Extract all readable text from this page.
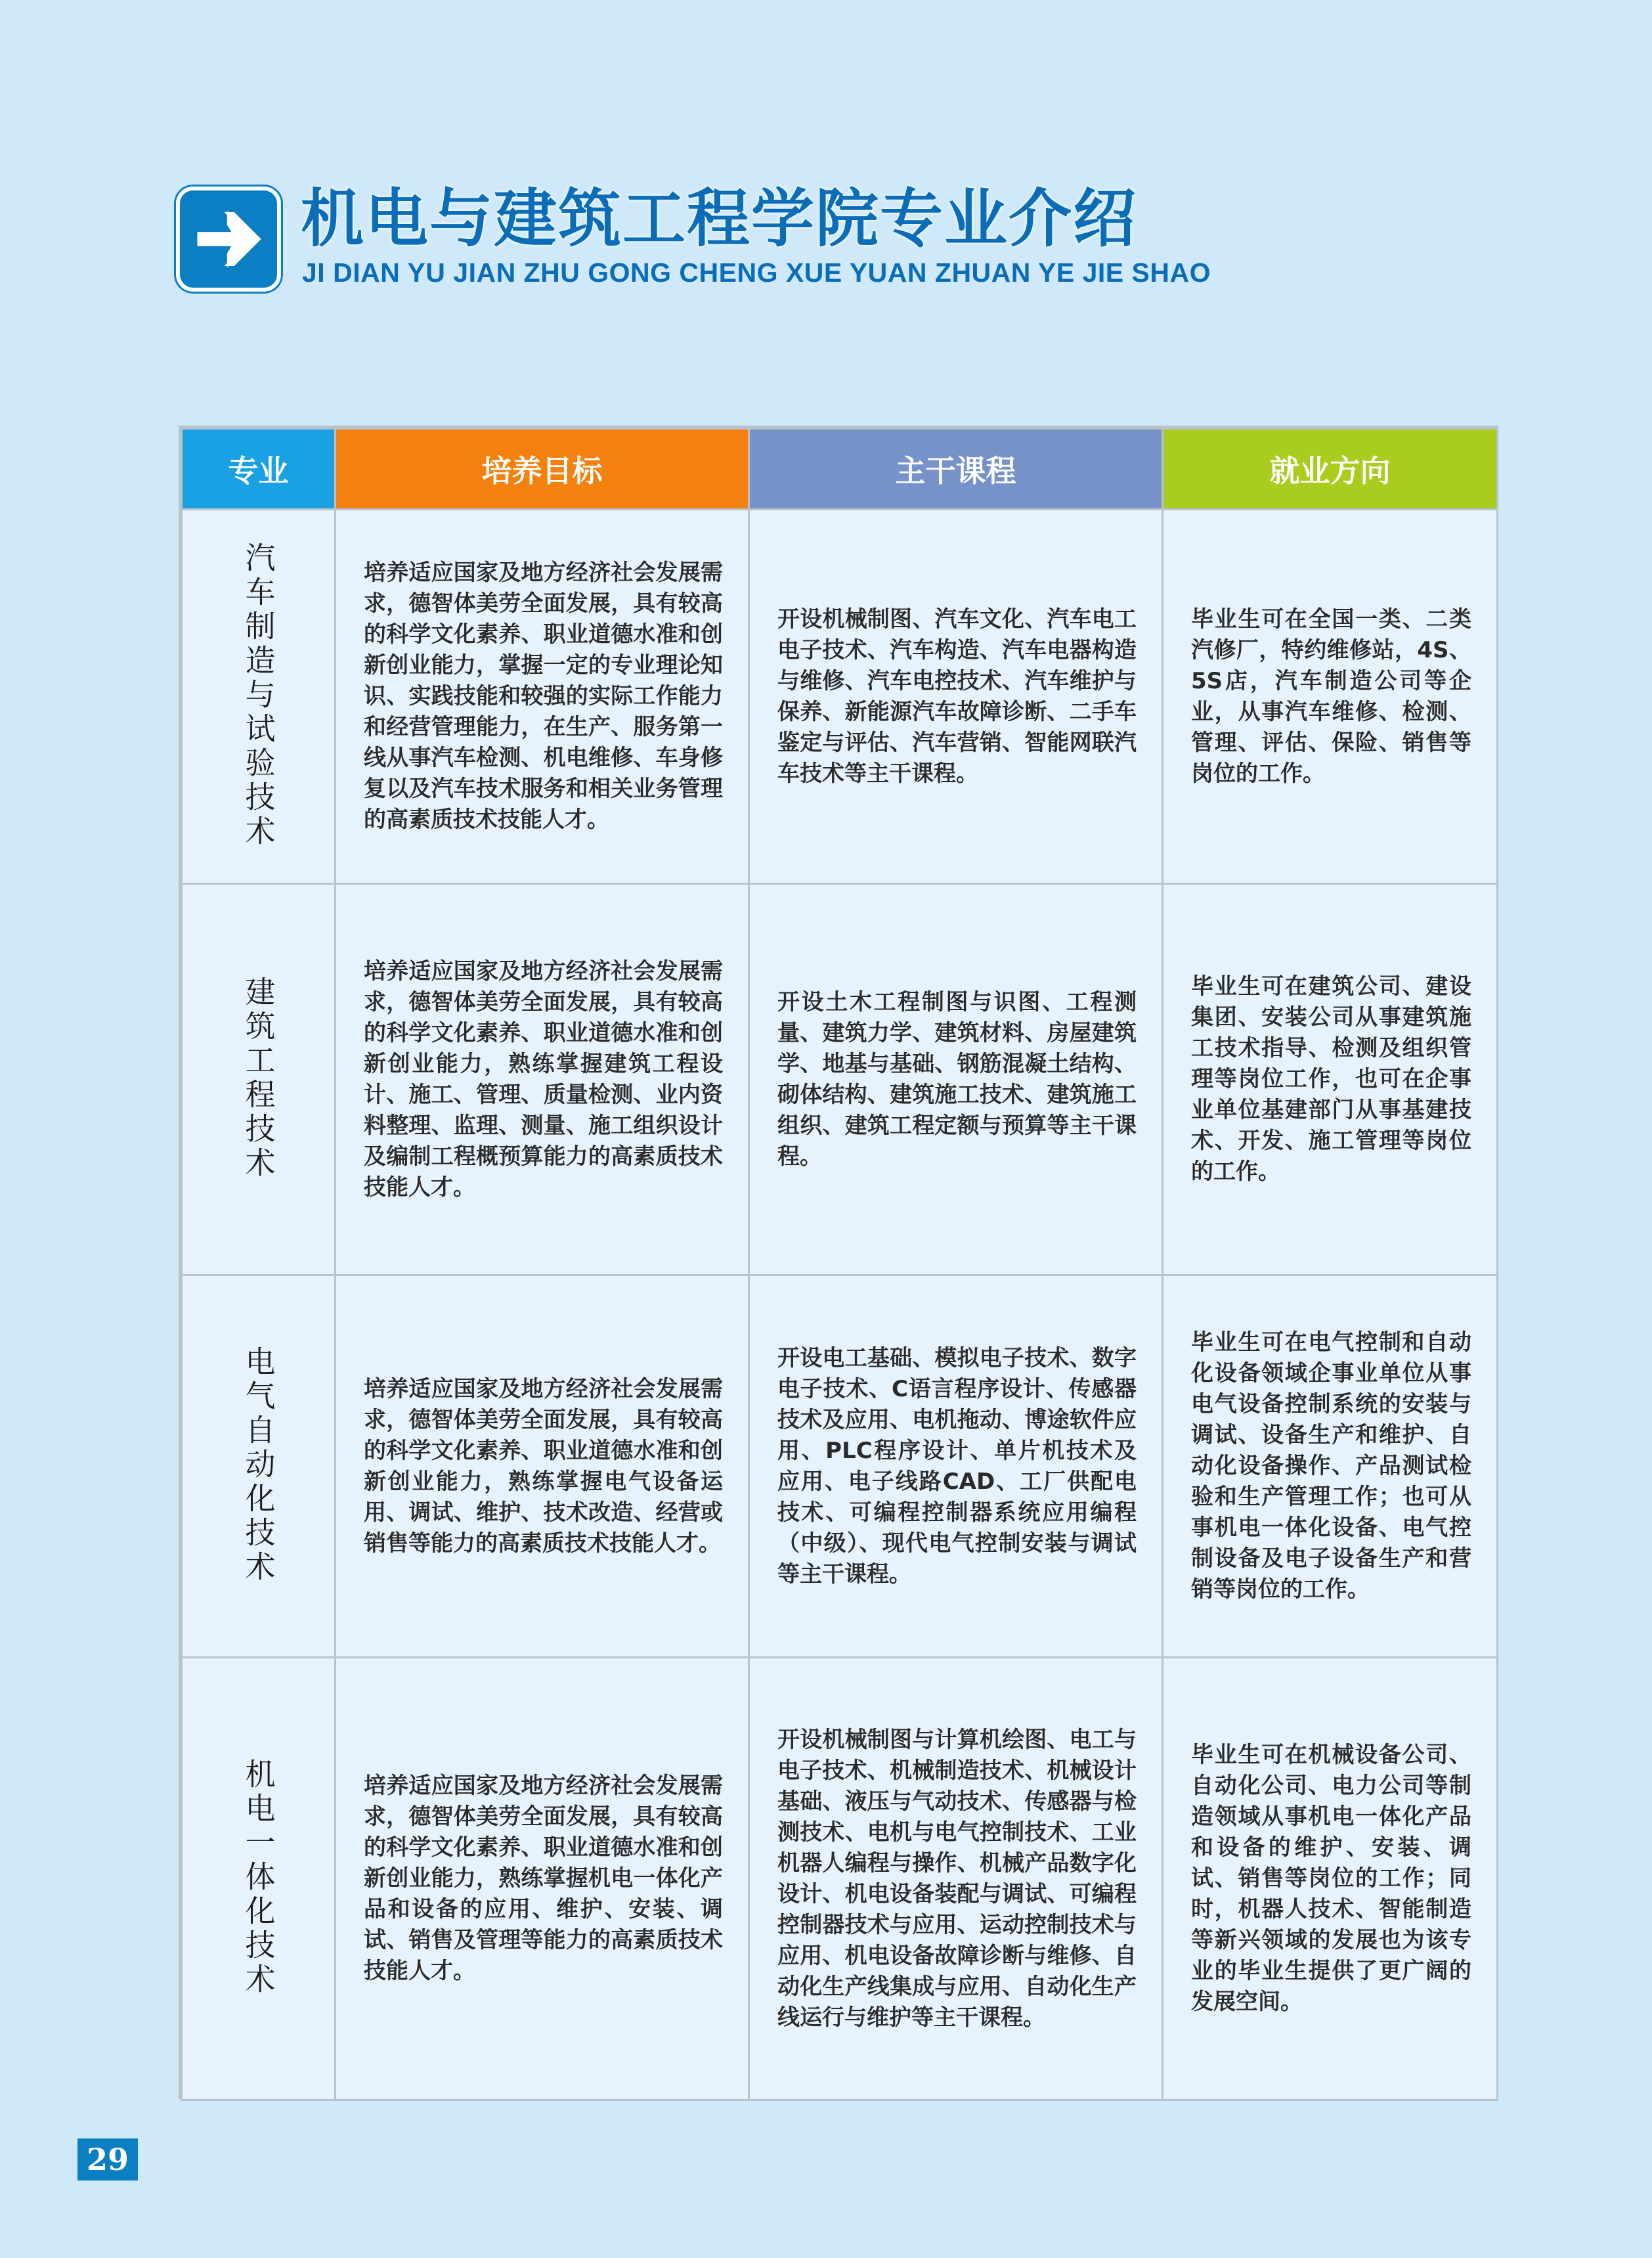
机电与建筑工程学院专业介绍
JI DIAN YU JIAN ZHU GONG CHENG XUE YUAN ZHUAN YE JIE SHAO
专业	培养目标	主干课程	就业方向
汽车制造与试验技术	培养适应国家及地方经济社会发展需求，德智体美劳全面发展，具有较高的科学文化素养、职业道德水准和创新创业能力，掌握一定的专业理论知识、实践技能和较强的实际工作能力和经营管理能力，在生产、服务第一线从事汽车检测、机电维修、车身修复以及汽车技术服务和相关业务管理的高素质技术技能人才。	开设机械制图、汽车文化、汽车电工电子技术、汽车构造、汽车电器构造与维修、汽车电控技术、汽车维护与保养、新能源汽车故障诊断、二手车鉴定与评估、汽车营销、智能网联汽车技术等主干课程。	毕业生可在全国一类、二类汽修厂，特约维修站，4S、5S店，汽车制造公司等企业，从事汽车维修、检测、管理、评估、保险、销售等岗位的工作。

建筑工程技术	培养适应国家及地方经济社会发展需求，德智体美劳全面发展，具有较高的科学文化素养、职业道德水准和创新创业能力，熟练掌握建筑工程设计、施工、管理、质量检测、业内资料整理、监理、测量、施工组织设计及编制工程概预算能力的高素质技术技能人才。	开设土木工程制图与识图、工程测量、建筑力学、建筑材料、房屋建筑学、地基与基础、钢筋混凝土结构、砌体结构、建筑施工技术、建筑施工组织、建筑工程定额与预算等主干课程。	毕业生可在建筑公司、建设集团、安装公司从事建筑施工技术指导、检测及组织管理等岗位工作，也可在企事业单位基建部门从事基建技术、开发、施工管理等岗位的工作。

电气自动化技术	培养适应国家及地方经济社会发展需求，德智体美劳全面发展，具有较高的科学文化素养、职业道德水准和创新创业能力，熟练掌握电气设备运用、调试、维护、技术改造、经营或销售等能力的高素质技术技能人才。	开设电工基础、模拟电子技术、数字电子技术、C语言程序设计、传感器技术及应用、电机拖动、博途软件应用、PLC程序设计、单片机技术及应用、电子线路CAD、工厂供配电技术、可编程控制器系统应用编程（中级）、现代电气控制安装与调试等主干课程。	毕业生可在电气控制和自动化设备领域企事业单位从事电气设备控制系统的安装与调试、设备生产和维护、自动化设备操作、产品测试检验和生产管理工作；也可从事机电一体化设备、电气控制设备及电子设备生产和营销等岗位的工作。

机电一体化技术	培养适应国家及地方经济社会发展需求，德智体美劳全面发展，具有较高的科学文化素养、职业道德水准和创新创业能力，熟练掌握机电一体化产品和设备的应用、维护、安装、调试、销售及管理等能力的高素质技术技能人才。	开设机械制图与计算机绘图、电工与电子技术、机械制造技术、机械设计基础、液压与气动技术、传感器与检测技术、电机与电气控制技术、工业机器人编程与操作、机械产品数字化设计、机电设备装配与调试、可编程控制器技术与应用、运动控制技术与应用、机电设备故障诊断与维修、自动化生产线集成与应用、自动化生产线运行与维护等主干课程。	毕业生可在机械设备公司、自动化公司、电力公司等制造领域从事机电一体化产品和设备的维护、安装、调试、销售等岗位的工作；同时，机器人技术、智能制造等新兴领域的发展也为该专业的毕业生提供了更广阔的发展空间。
29
